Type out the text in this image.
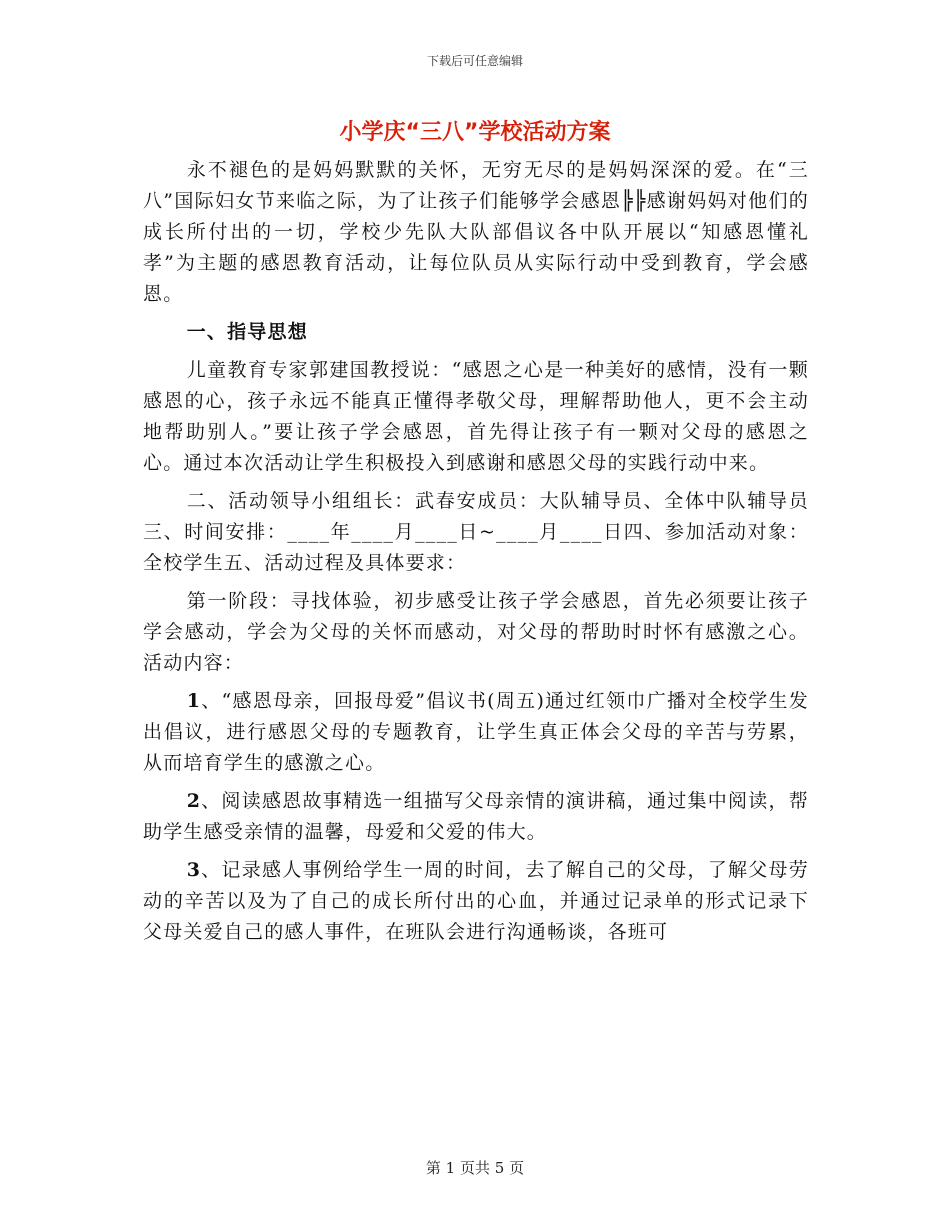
下载后可任意编辑
小学庆“三八”学校活动方案

永不褪色的是妈妈默默的关怀，无穷无尽的是妈妈深深的爱。在“三八”国际妇女节来临之际，为了让孩子们能够学会感恩╠╠感谢妈妈对他们的成长所付出的一切，学校少先队大队部倡议各中队开展以“知感恩懂礼孝”为主题的感恩教育活动，让每位队员从实际行动中受到教育，学会感恩。

一、指导思想

儿童教育专家郭建国教授说：“感恩之心是一种美好的感情，没有一颗感恩的心，孩子永远不能真正懂得孝敬父母，理解帮助他人，更不会主动地帮助别人。”要让孩子学会感恩，首先得让孩子有一颗对父母的感恩之心。通过本次活动让学生积极投入到感谢和感恩父母的实践行动中来。

二、活动领导小组组长：武春安成员：大队辅导员、全体中队辅导员三、时间安排：____年____月____日~____月____日四、参加活动对象：全校学生五、活动过程及具体要求：

第一阶段：寻找体验，初步感受让孩子学会感恩，首先必须要让孩子学会感动，学会为父母的关怀而感动，对父母的帮助时时怀有感激之心。活动内容：

1、“感恩母亲，回报母爱”倡议书(周五)通过红领巾广播对全校学生发出倡议，进行感恩父母的专题教育，让学生真正体会父母的辛苦与劳累，从而培育学生的感激之心。

2、阅读感恩故事精选一组描写父母亲情的演讲稿，通过集中阅读，帮助学生感受亲情的温馨，母爱和父爱的伟大。

3、记录感人事例给学生一周的时间，去了解自己的父母，了解父母劳动的辛苦以及为了自己的成长所付出的心血，并通过记录单的形式记录下父母关爱自己的感人事件，在班队会进行沟通畅谈，各班可

第 1 页共 5 页
